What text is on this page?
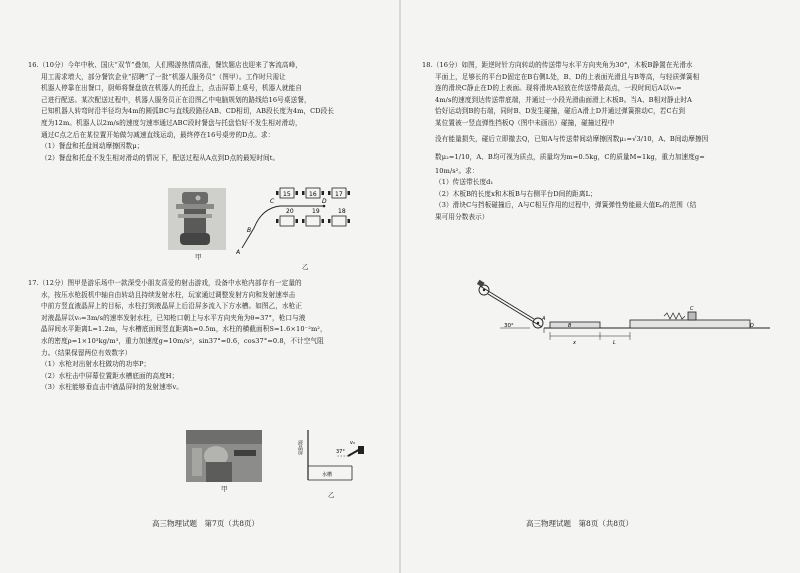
16.（10分）今年中秋、国庆“双节”叠加，人们赐游热情高涨，餐饮题店也迎来了客流高峰，
用工需求增大，部分餐饮企业“招聘”了一批“机器人服务员”（图甲）。工作时只需让
机器人停靠在出餐口，厨师将餐盘放在机器人的托盘上，点击屏幕上桌号，机器人就能自
己进行配送。某次配送过程中，机器人服务员正在沿图乙中电脑规划的路线给16号桌送餐，
已知机器人转弯时沿半径均为4m的圆弧BC与直线段路径AB、CD相切，AB段长度为4m，CD段长
度为12m。机器人以2m/s的速度匀速率通过ABC段时餐盘与托盘恰好不发生相对滑动，
通过C点之后在某位置开始做匀减速直线运动，最终停在16号桌旁的D点。求：
（1）餐盘和托盘间动摩擦因数μ；
（2）餐盘和托盘不发生相对滑动的情况下，配送过程从A点到D点的最短时间t。
甲
20	19	18
15	16	17
A
B
C	D
乙
17.（12分）图甲是游乐场中一款深受小朋友喜爱的射击游戏，设备中水枪内部存有一定量的
水，按压水枪扳机中轴自由转动且持续发射水柱，玩家通过调整发射方向和发射速率击
中前方竖直液晶屏上的目标，水柱打到液晶屏上后沿屏多流入下方水槽。如图乙，水枪正
对液晶屏以v₀=3m/s的速率发射水柱，已知枪口朝上与水平方向夹角为θ=37°，枪口与液
晶屏间水平距离L=1.2m，与水槽底面间竖直距离h=0.5m，水柱的横截面积S=1.6×10⁻²m²，
水的密度ρ=1×10³kg/m³，重力加速度g=10m/s²，sin37°=0.6，cos37°=0.8，不计空气阻
力。（结果保留两位有效数字）
（1）水枪对出射水柱做功的功率P；
（2）水柱击中屏幕位置距水槽底面的高度H；
（3）水柱能够垂直击中液晶屏时的发射速率v。
甲
液晶屏
水槽
37°
v₀
乙
高三物理试题　第7页（共8页）
18.（16分）如图，距逆时针方向转动的传送带与水平方向夹角为30°，木板B静置在光滑水
平面上，足够长的平台D固定在B右侧L处，B、D的上表面光滑且与B等高，与轻质弹簧相
连的滑块C静止在D的上表面。现将滑块A轻放在传送带最高点，一段时间后A以v₀=
4m/s的速度到达传送带底端，并通过一小段光滑曲面滑上木板B。当A、B相对静止时A
恰好运动到B的右端，同时B、D发生碰撞，碰后A滑上D并通过弹簧推动C，若C右到
某位置被一竖直弹性挡板Q（图中未画出）碰撞，碰撞过程中
没有能量损失，碰后立即撤去Q，已知A与传送带间动摩擦因数μ₁=√3/10，A、B间动摩擦因
数μ₂=1/10，A、B均可视为质点，质量均为m=0.5kg，C的质量M=1kg，重力加速度g=
10m/s²。求：
（1）传送带长度d₁
（2）木板B的长度x和木板B与右侧平台D间的距离L；
（3）滑块C与挡板碰撞后，A与C相互作用的过程中，弹簧弹性势能最大值Eₚ的范围（结
果可用分数表示）
30°	B
A
D
C
x	L
高三物理试题　第8页（共8页）
